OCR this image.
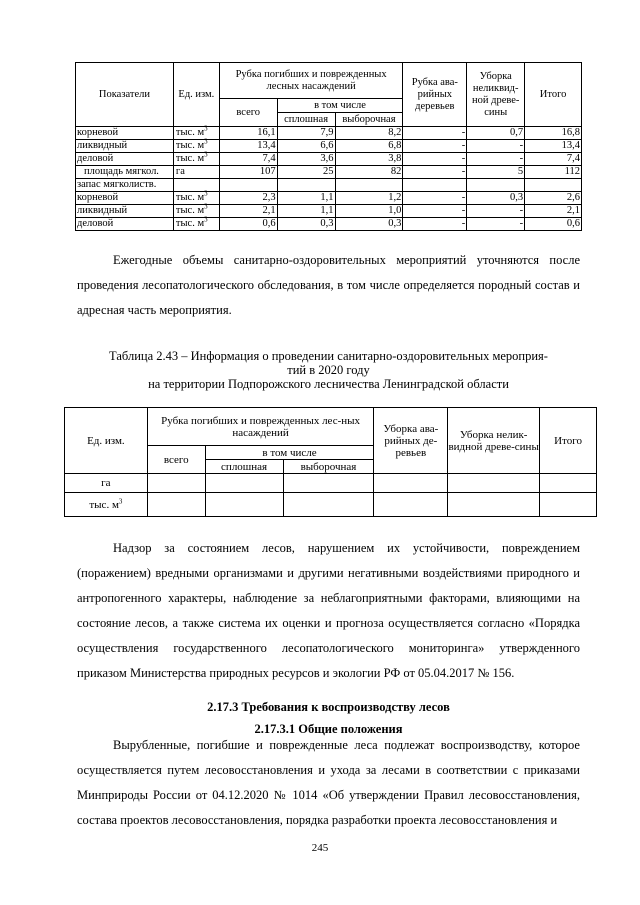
Показатели	Ед. изм.	Рубка погибших и поврежденных лесных насаждений			Рубка ава-рийных деревьев	Уборка неликвид-ной древе-сины	Итого
		всего	в том числе				
			сплошная	выборочная			
корневой	тыс. $м^3$	16,1	7,9	8,2	-	0,7	16,8
ликвидный	тыс. $м^3$	13,4	6,6	6,8	-	-	13,4
деловой	тыс. $м^3$	7,4	3,6	3,8	-	-	7,4
площадь мягкол.	га	107	25	82	-	5	112
запас мягколиств.							
корневой	тыс. $м^3$	2,3	1,1	1,2	-	0,3	2,6
ликвидный	тыс. $м^3$	2,1	1,1	1,0	-	-	2,1
деловой	тыс. $м^3$	0,6	0,3	0,3	-	-	0,6

Ежегодные объемы санитарно-оздоровительных мероприятий уточняются после проведения лесопатологического обследования, в том числе определяется породный состав и адресная часть мероприятия.

Таблица 2.43 – Информация о проведении санитарно-оздоровительных мероприя-

тий в 2020 году

на территории Подпорожского лесничества Ленинградской области

Ед. изм.	Рубка погибших и поврежденных лес-ных насаждений			Уборка ава-рийных де-ревьев	Уборка нелик-видной древе-сины	Итого
	всего	в том числе				
		сплошная	выборочная			
га						
тыс. $м^3$						

Надзор за состоянием лесов, нарушением их устойчивости, повреждением (поражением) вредными организмами и другими негативными воздействиями природного и антропогенного характеры, наблюдение за неблагоприятными факторами, влияющими на состояние лесов, а также система их оценки и прогноза осуществляется согласно «Порядка осуществления государственного лесопатологического мониторинга» утвержденного приказом Министерства природных ресурсов и экологии РФ от 05.04.2017 № 156.

2.17.3 Требования к воспроизводству лесов

2.17.3.1 Общие положения

Вырубленные, погибшие и поврежденные леса подлежат воспроизводству, которое осуществляется путем лесовосстановления и ухода за лесами в соответствии с приказами Минприроды России от 04.12.2020 № 1014 «Об утверждении Правил лесовосстановления, состава проектов лесовосстановления, порядка разработки проекта лесовосстановления и

245
